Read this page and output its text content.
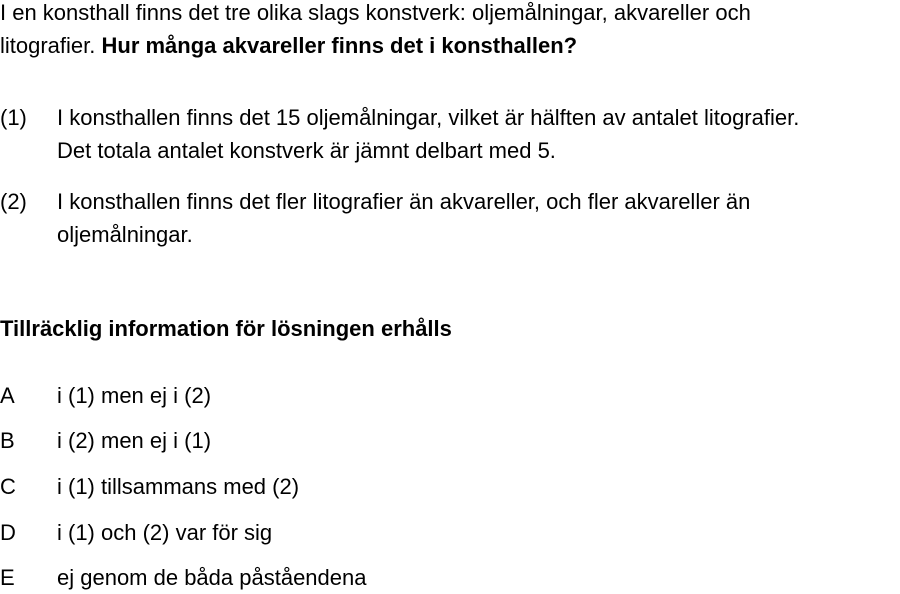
I en konsthall finns det tre olika slags konstverk: oljemålningar, akvareller och
litografier. Hur många akvareller finns det i konsthallen?
(1) I konsthallen finns det 15 oljemålningar, vilket är hälften av antalet litografier.
Det totala antalet konstverk är jämnt delbart med 5.
(2) I konsthallen finns det fler litografier än akvareller, och fler akvareller än
oljemålningar.
Tillräcklig information för lösningen erhålls
A i (1) men ej i (2)
B i (2) men ej i (1)
C i (1) tillsammans med (2)
D i (1) och (2) var för sig
E ej genom de båda påståendena
